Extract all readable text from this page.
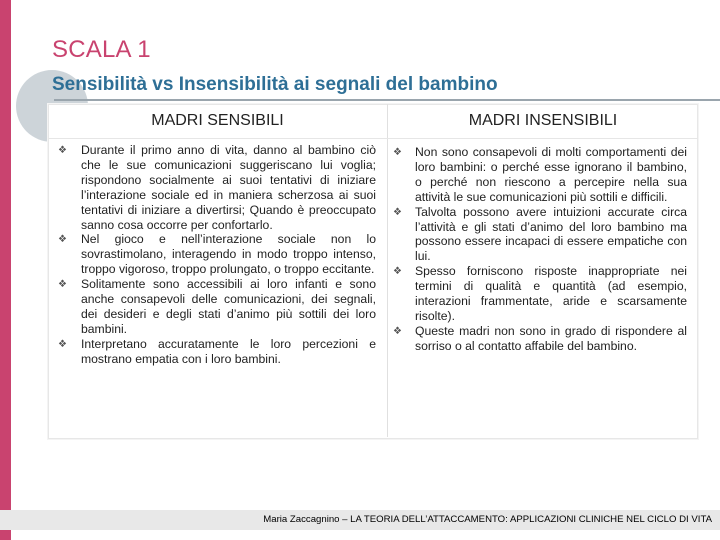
SCALA 1
Sensibilità vs Insensibilità ai segnali del bambino
MADRI SENSIBILI	MADRI INSENSIBILI
❖ Durante il primo anno di vita, danno al bambino ciò che le sue comunicazioni suggeriscano lui voglia; rispondono socialmente ai suoi tentativi di iniziare l’interazione sociale ed in maniera scherzosa ai suoi tentativi di iniziare a divertirsi; Quando è preoccupato sanno cosa occorre per confortarlo.
❖ Nel gioco e nell’interazione sociale non lo sovrastimolano, interagendo in modo troppo intenso, troppo vigoroso, troppo prolungato, o troppo eccitante.
❖ Solitamente sono accessibili ai loro infanti e sono anche consapevoli delle comunicazioni, dei segnali, dei desideri e degli stati d’animo più sottili dei loro bambini.
❖ Interpretano accuratamente le loro percezioni e mostrano empatia con i loro bambini.
❖ Non sono consapevoli di molti comportamenti dei loro bambini: o perché esse ignorano il bambino, o perché non riescono a percepire nella sua attività le sue comunicazioni più sottili e difficili.
❖ Talvolta possono avere intuizioni accurate circa l’attività e gli stati d’animo del loro bambino ma possono essere incapaci di essere empatiche con lui.
❖ Spesso forniscono risposte inappropriate nei termini di qualità e quantità (ad esempio, interazioni frammentate, aride e scarsamente risolte).
❖ Queste madri non sono in grado di rispondere al sorriso o al contatto affabile del bambino.
Maria Zaccagnino – LA TEORIA DELL’ATTACCAMENTO: APPLICAZIONI CLINICHE NEL CICLO DI VITA
